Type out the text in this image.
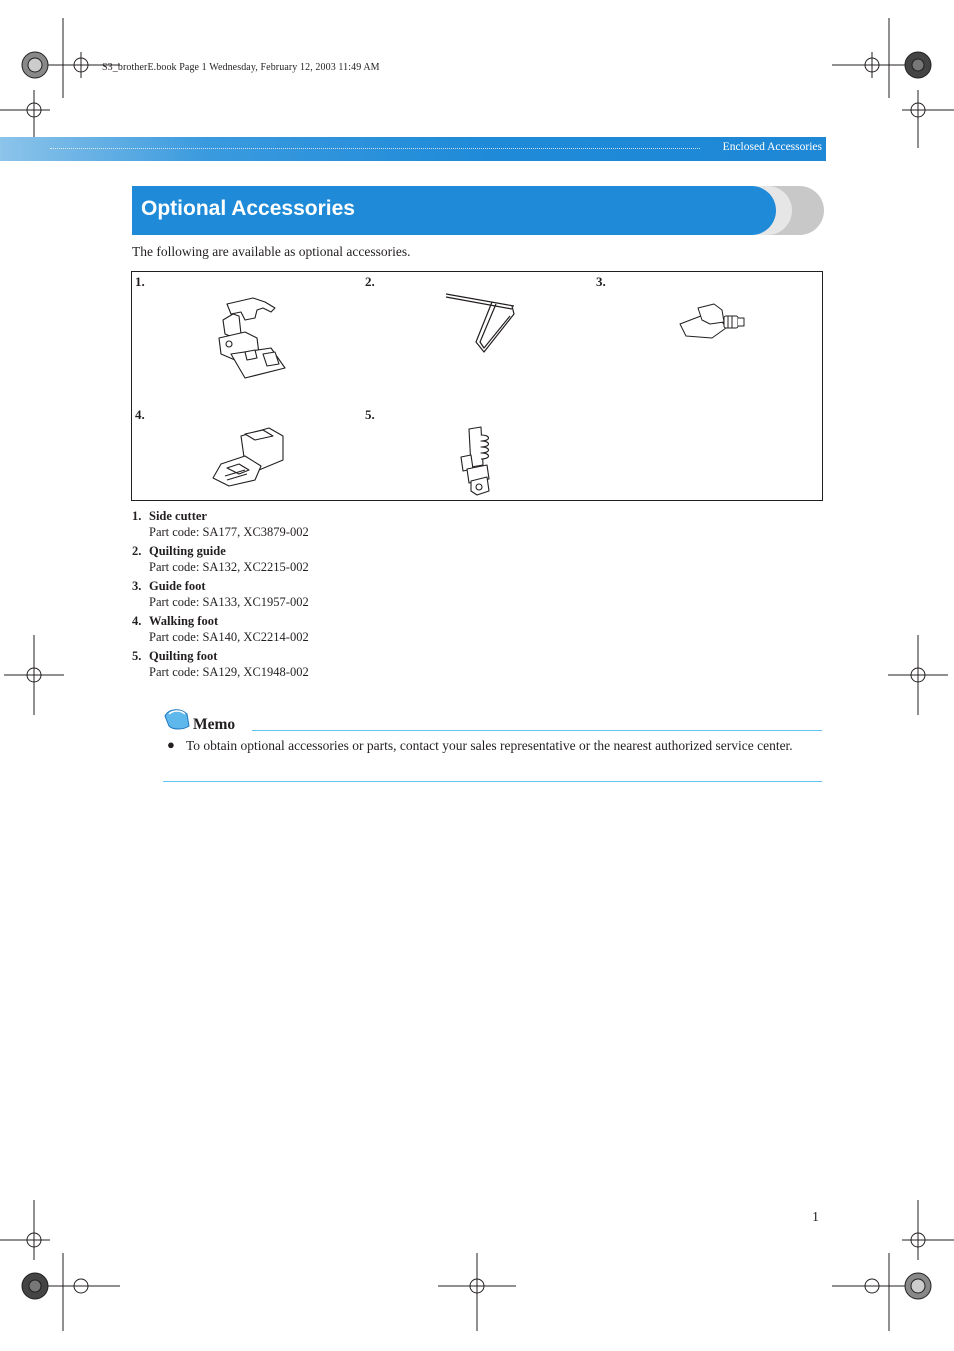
S3_brotherE.book Page 1 Wednesday, February 12, 2003 11:49 AM
Enclosed Accessories
Optional Accessories
The following are available as optional accessories.
1.	2.	3.
4.	5.
1. Side cutter
Part code: SA177, XC3879-002
2. Quilting guide
Part code: SA132, XC2215-002
3. Guide foot
Part code: SA133, XC1957-002
4. Walking foot
Part code: SA140, XC2214-002
5. Quilting foot
Part code: SA129, XC1948-002
Memo
● To obtain optional accessories or parts, contact your sales representative or the nearest authorized service center.
1
